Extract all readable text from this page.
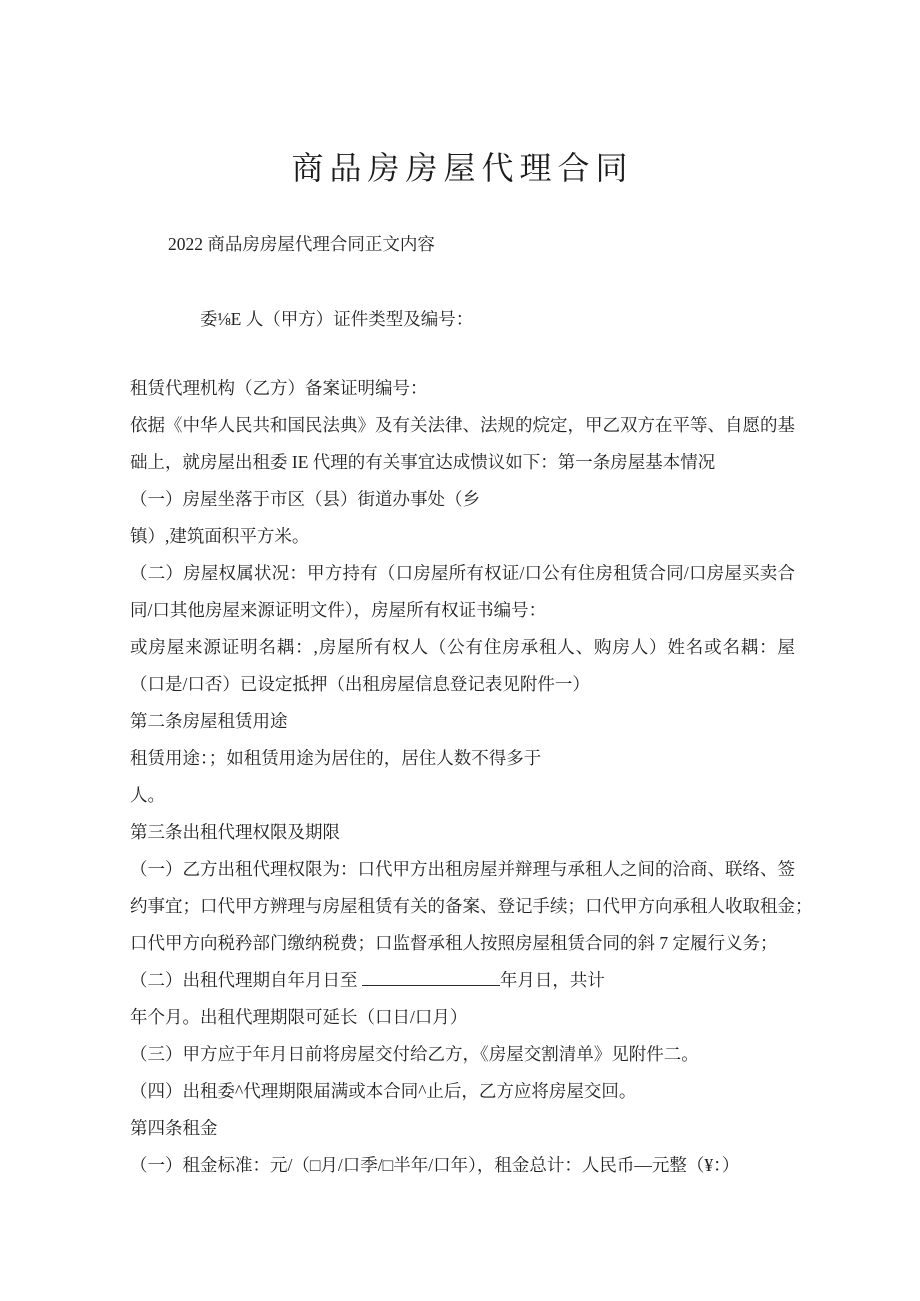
商品房房屋代理合同
2022 商品房房屋代理合同正文内容
委⅛E 人（甲方）证件类型及编号：
租赁代理机构（乙方）备案证明编号：
依据《中华人民共和国民法典》及有关法律、法规的烷定，甲乙双方在平等、自愿的基
础上，就房屋出租委 IE 代理的有关事宜达成愦议如下：第一条房屋基本情况
（一）房屋坐落于市区（县）街道办事处（乡
镇）,建筑面积平方米。
（二）房屋权属状况：甲方持有（口房屋所有权证/口公有住房租赁合同/口房屋买卖合
同/口其他房屋来源证明文件），房屋所有权证书编号：
或房屋来源证明名耦：,房屋所有权人（公有住房承租人、购房人）姓名或名耦：屋
（口是/口否）已设定抵押（出租房屋信息登记表见附件一）
第二条房屋租赁用途
租赁用途：；如租赁用途为居住的，居住人数不得多于
人。
第三条出租代理权限及期限
（一）乙方出租代理权限为：口代甲方出租房屋并辩理与承租人之间的洽商、联络、签
约事宜；口代甲方辨理与房屋租赁有关的备案、登记手续；口代甲方向承租人收取租金；
口代甲方向税矜部门缴纳税费；口监督承租人按照房屋租赁合同的斜 7 定履行义务；
（二）出租代理期自年月日至	年月日，共计
年个月。出租代理期限可延长（口日/口月）
（三）甲方应于年月日前将房屋交付给乙方，《房屋交割清单》见附件二。
（四）出租委^代理期限届满或本合同^止后，乙方应将房屋交回。
第四条租金
（一）租金标准：元/（□月/口季/□半年/口年），租金总计：人民币—元整（¥：）
